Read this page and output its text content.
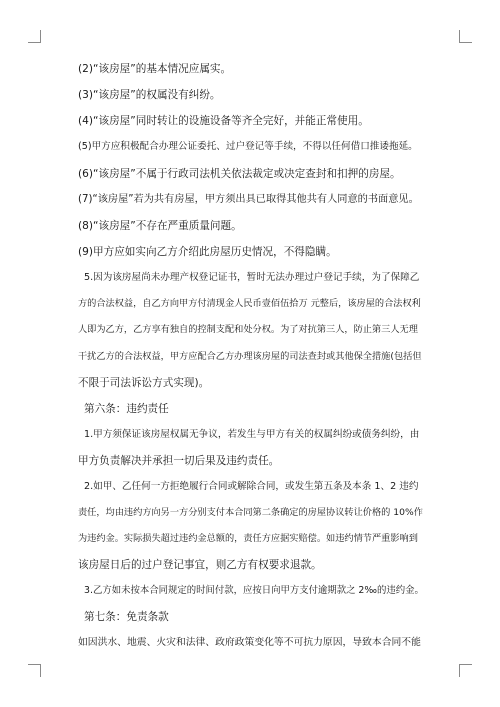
(2)“该房屋”的基本情况应属实。
(3)“该房屋”的权属没有纠纷。
(4)“该房屋”同时转让的设施设备等齐全完好，并能正常使用。
(5)甲方应积极配合办理公证委托、过户登记等手续，不得以任何借口推诿拖延。
(6)“该房屋”不属于行政司法机关依法裁定或决定查封和扣押的房屋。
(7)“该房屋”若为共有房屋，甲方须出具已取得其他共有人同意的书面意见。
(8)“该房屋”不存在严重质量问题。
(9)甲方应如实向乙方介绍此房屋历史情况，不得隐瞒。
5.因为该房屋尚未办理产权登记证书，暂时无法办理过户登记手续，为了保障乙
方的合法权益，自乙方向甲方付清现金人民币壹佰伍拾万 元整后，该房屋的合法权利
人即为乙方，乙方享有独自的控制支配和处分权。为了对抗第三人，防止第三人无理
干扰乙方的合法权益，甲方应配合乙方办理该房屋的司法查封或其他保全措施(包括但
不限于司法诉讼方式实现)。
第六条：违约责任
1.甲方须保证该房屋权属无争议，若发生与甲方有关的权属纠纷或债务纠纷，由
甲方负责解决并承担一切后果及违约责任。
2.如甲、乙任何一方拒绝履行合同或解除合同，或发生第五条及本条 1、2 违约
责任，均由违约方向另一方分别支付本合同第二条确定的房屋协议转让价格的 10%作
为违约金。实际损失超过违约金总额的，责任方应据实赔偿。如违约情节严重影响到
该房屋日后的过户登记事宜，则乙方有权要求退款。
3.乙方如未按本合同规定的时间付款，应按日向甲方支付逾期款之 2‰的违约金。
第七条：免责条款
如因洪水、地震、火灾和法律、政府政策变化等不可抗力原因，导致本合同不能
